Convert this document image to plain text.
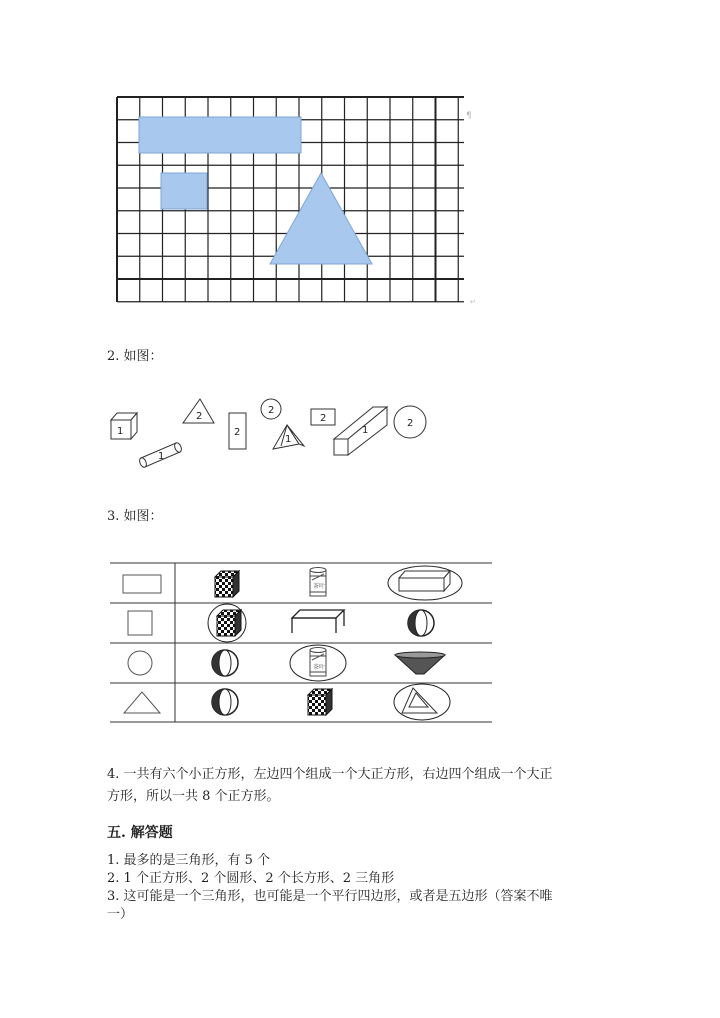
¶
↵
2. 如图：
1
1
2
2
2
1
2
1
2
3. 如图：
茶叶
茶叶
4. 一共有六个小正方形，左边四个组成一个大正方形，右边四个组成一个大正
方形，所以一共 8 个正方形。
五. 解答题
1. 最多的是三角形，有 5 个
2. 1 个正方形、2 个圆形、2 个长方形、2 三角形
3. 这可能是一个三角形，也可能是一个平行四边形，或者是五边形（答案不唯
一）
